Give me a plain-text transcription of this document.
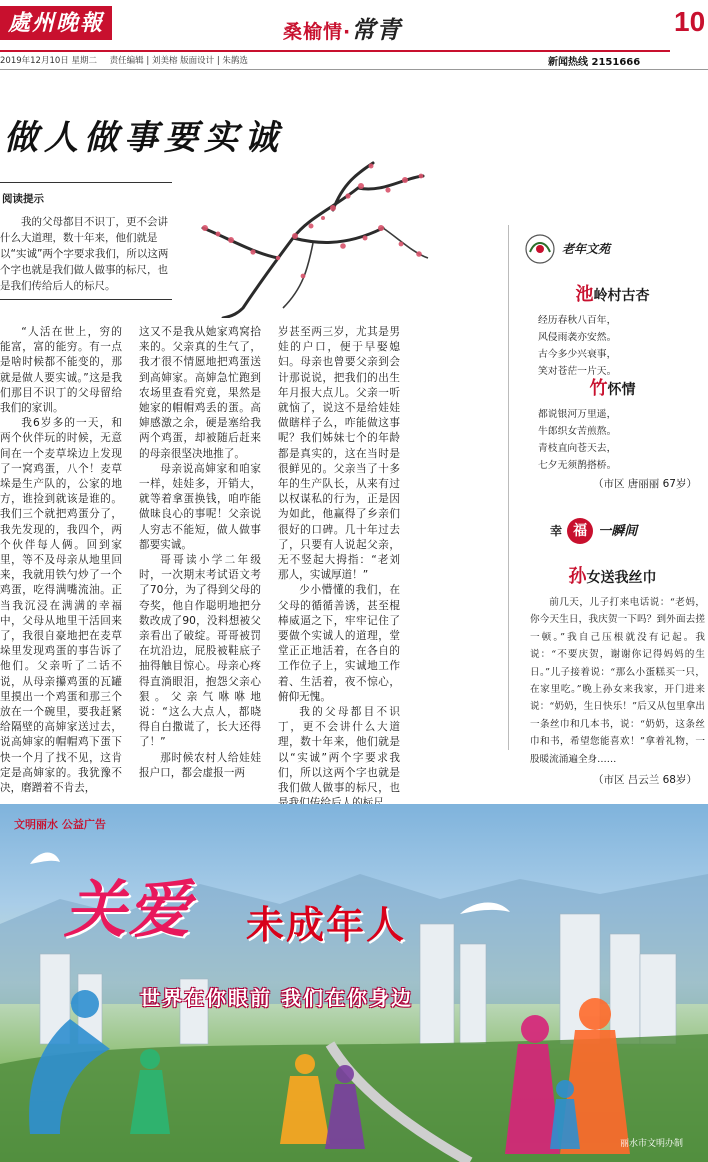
處州晚報	桑榆情·常青	10
2019年12月10日 星期二 责任编辑 | 刘美榕 版面设计 | 朱鹊选	新闻热线 2151666
做人做事要实诚
阅读提示
我的父母都目不识丁，更不会讲什么大道理，数十年来，他们就是以“实诚”两个字要求我们，所以这两个字也就是我们做人做事的标尺，也是我们传给后人的标尺。

“人活在世上，穷的能富，富的能穷。有一点是啥时候都不能变的，那就是做人要实诚。”这是我们那目不识丁的父母留给我们的家训。

我6岁多的一天，和两个伙伴玩的时候，无意间在一个麦草垛边上发现了一窝鸡蛋，八个！麦草垛是生产队的，公家的地方，谁捡到就该是谁的。我们三个就把鸡蛋分了，我先发现的，我四个，两个伙伴每人俩。回到家里，等不及母亲从地里回来，我就用铁勺炒了一个鸡蛋，吃得满嘴流油。正当我沉浸在满满的幸福中，父母从地里干活回来了，我很自豪地把在麦草垛里发现鸡蛋的事告诉了他们。父亲听了二话不说，从母亲攥鸡蛋的瓦罐里摸出一个鸡蛋和那三个放在一个碗里，要我赶紧给隔壁的高婶家送过去，说高婶家的帽帽鸡下蛋下快一个月了找不见，这肯定是高婶家的。我犹豫不决，磨蹭着不肯去，

这又不是我从她家鸡窝拾来的。父亲真的生气了，我才很不情愿地把鸡蛋送到高婶家。高婶急忙跑到农场里查看究竟，果然是她家的帽帽鸡丢的蛋。高婶感激之余，硬是塞给我两个鸡蛋，却被随后赶来的母亲很坚决地推了。

母亲说高婶家和咱家一样，娃娃多，开销大，就等着拿蛋换钱，咱咋能做昧良心的事呢！父亲说人穷志不能短，做人做事都要实诚。

哥哥读小学二年级时，一次期末考试语文考了70分，为了得到父母的夸奖，他自作聪明地把分数改成了90，没料想被父亲看出了破绽。哥哥被罚在坑沿边，屁股被鞋底子抽得触目惊心。母亲心疼得直淌眼泪，抱怨父亲心狠。父亲气咻咻地说：“这么大点人，都晓得自白撒谎了，长大还得了！”

那时候农村人给娃娃报户口，都会虚报一两

岁甚至两三岁，尤其是男娃的户口，便于早娶媳妇。母亲也曾要父亲到会计那说说，把我们的出生年月报大点儿。父亲一听就恼了，说这不是给娃娃做瞎样子么，咋能做这事呢？我们姊妹七个的年龄都是真实的，这在当时是很鲜见的。父亲当了十多年的生产队长，从来有过以权谋私的行为，正是因为如此，他赢得了乡亲们很好的口碑。几十年过去了，只要有人说起父亲，无不竖起大拇指：“老刘那人，实诚厚道！”

少小懵懂的我们，在父母的循循善诱，甚至棍棒威逼之下，牢牢记住了要做个实诚人的道理，堂堂正正地活着，在各自的工作位子上，实诚地工作着、生活着，夜不惊心，俯仰无愧。

我的父母都目不识丁，更不会讲什么大道理，数十年来，他们就是以“实诚”两个字要求我们，所以这两个字也就是我们做人做事的标尺，也

老年文苑

池岭村古杏

经历春秋八百年，

风侵雨袭亦安然。

古今多少兴衰事，

笑对苍茫一片天。

竹怀情

都说银河万里遥，

牛郎织女苦煎熬。

青枝直向苍天去，

七夕无须鹊搭桥。

（市区 唐丽丽 67岁）

幸 福 一瞬间

孙女送我丝巾

前几天，儿子打来电话说：“老妈，你今天生日，我庆贺一下吗？到外面去搓一顿。”我自己压根就没有记起。我说：“不要庆贺，谢谢你记得妈妈的生日。”儿子接着说：“那么小蛋糕买一只，在家里吃。”晚上孙女来我家，开门进来说：“奶奶，生日快乐！”后又从包里拿出一条丝巾和几本书，说：“奶奶，这条丝巾和书，希望您能喜欢！”拿着礼物，一股暖流涌遍全身……

（市区 吕云兰 68岁）

文明丽水 公益广告
关爱 未成年人
世界在你眼前 我们在你身边
丽水市文明办制
